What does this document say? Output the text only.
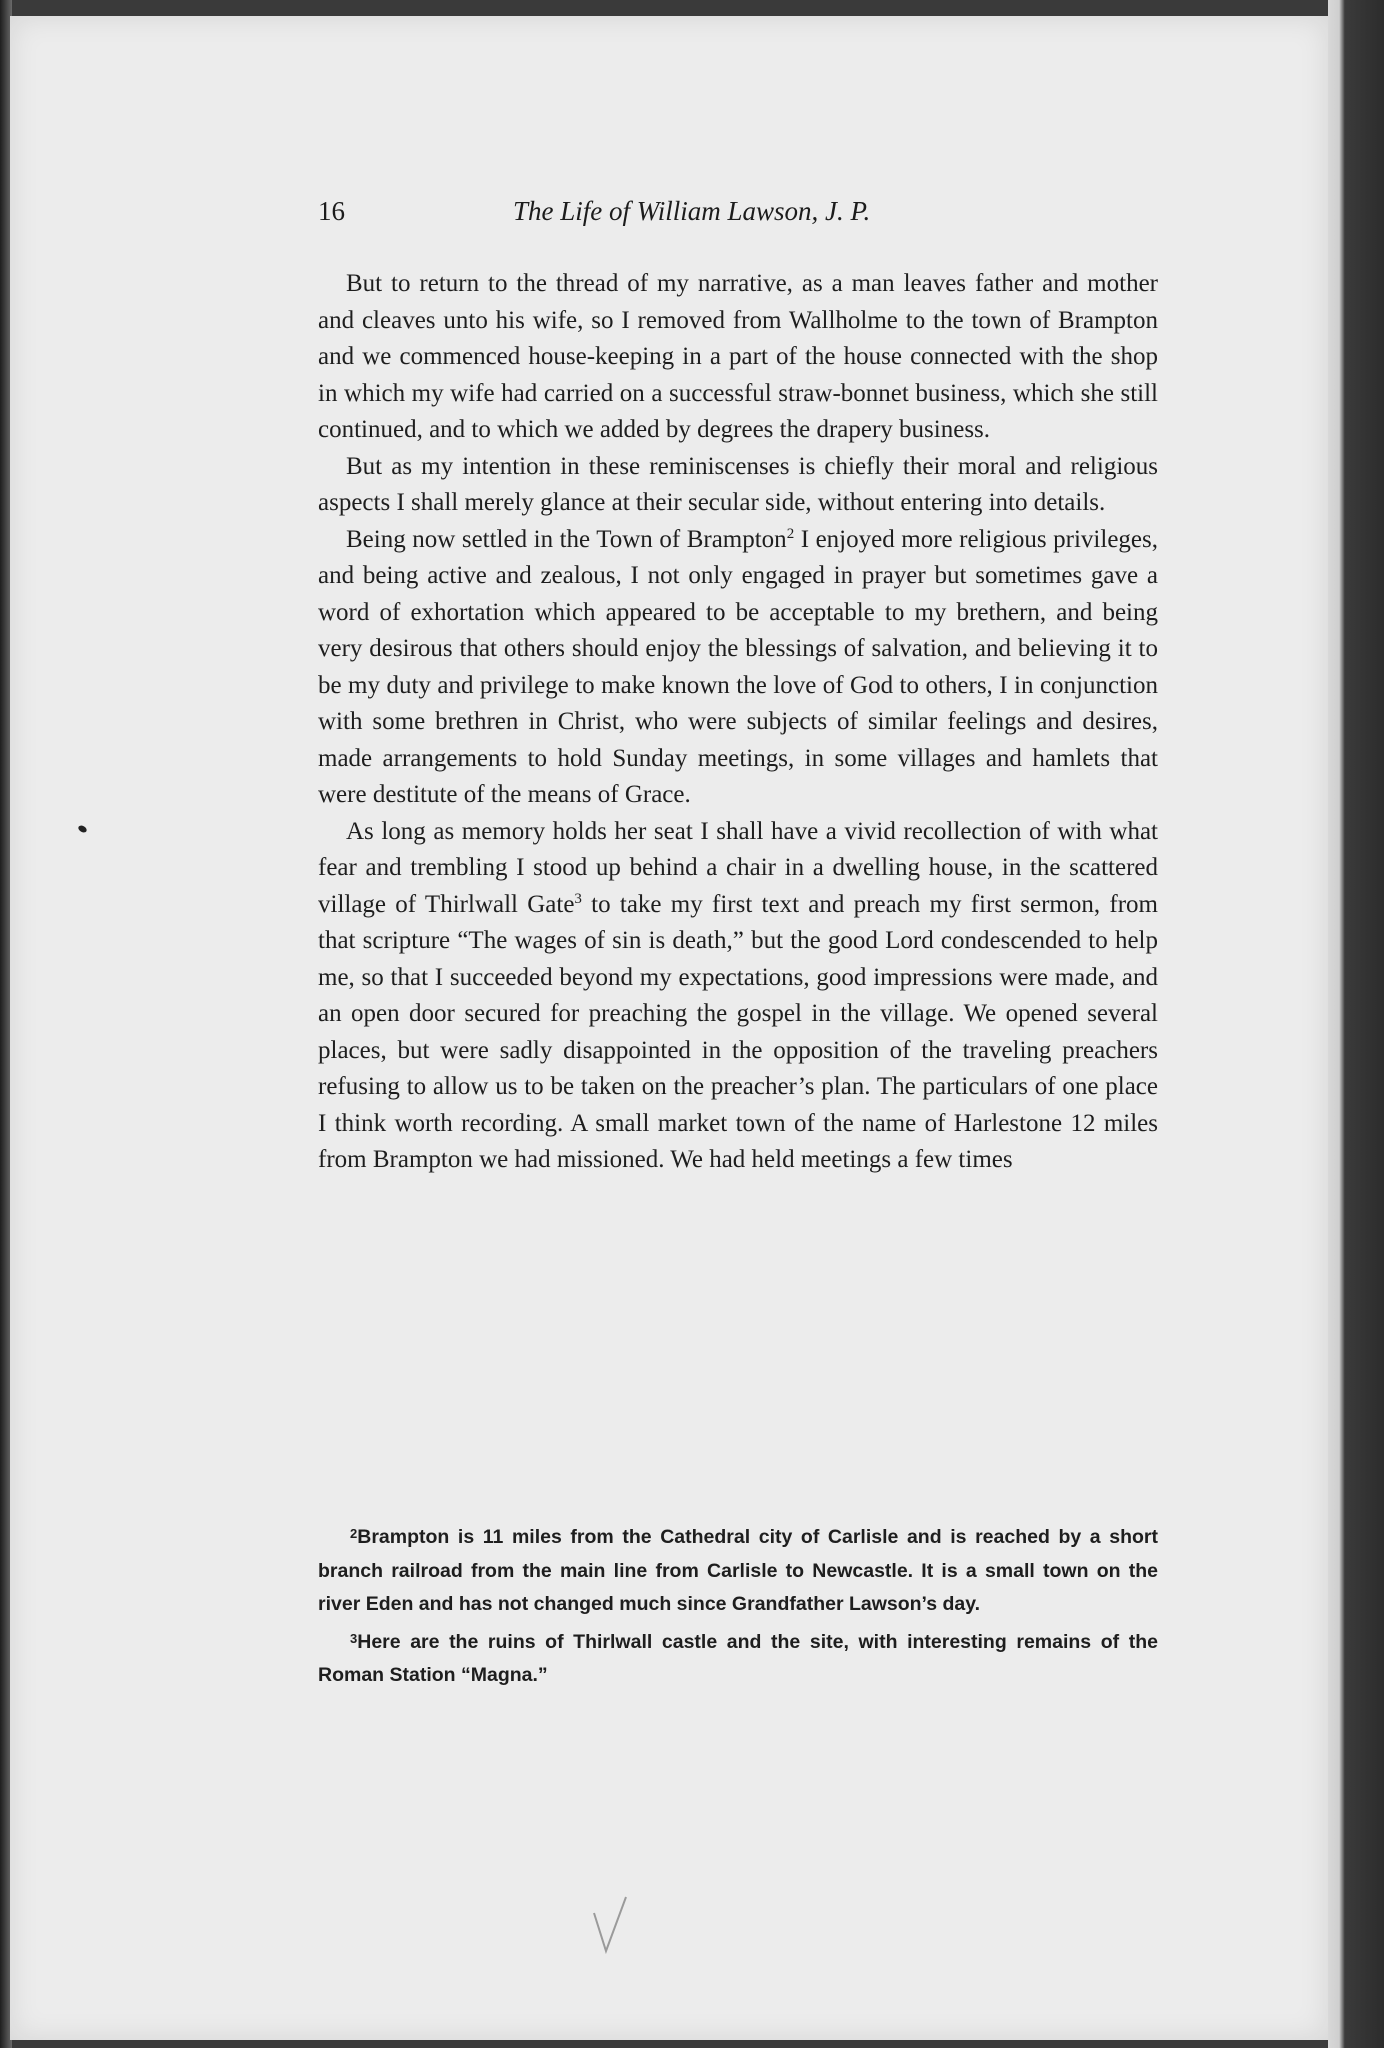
16	The Life of William Lawson, J. P.

But to return to the thread of my narrative, as a man leaves father and mother and cleaves unto his wife, so I removed from Wallholme to the town of Brampton and we commenced house-keeping in a part of the house connected with the shop in which my wife had carried on a successful straw-bonnet business, which she still continued, and to which we added by degrees the drapery business.

But as my intention in these reminiscenses is chiefly their moral and religious aspects I shall merely glance at their secular side, without entering into details.

Being now settled in the Town of Brampton$^2$ I enjoyed more religious privileges, and being active and zealous, I not only engaged in prayer but sometimes gave a word of exhortation which appeared to be acceptable to my brethern, and being very desirous that others should enjoy the blessings of salvation, and believing it to be my duty and privilege to make known the love of God to others, I in conjunction with some brethren in Christ, who were subjects of similar feelings and desires, made arrangements to hold Sunday meetings, in some villages and hamlets that were destitute of the means of Grace.

As long as memory holds her seat I shall have a vivid recollection of with what fear and trembling I stood up behind a chair in a dwelling house, in the scattered village of Thirlwall Gate$^3$ to take my first text and preach my first sermon, from that scripture “The wages of sin is death,” but the good Lord condescended to help me, so that I succeeded beyond my expectations, good impressions were made, and an open door secured for preaching the gospel in the village. We opened several places, but were sadly disappointed in the opposition of the traveling preachers refusing to allow us to be taken on the preacher’s plan. The particulars of one place I think worth recording. A small market town of the name of Harlestone 12 miles from Brampton we had missioned. We had held meetings a few times

$^2$Brampton is 11 miles from the Cathedral city of Carlisle and is reached by a short branch railroad from the main line from Carlisle to Newcastle. It is a small town on the river Eden and has not changed much since Grandfather Lawson’s day.

$^3$Here are the ruins of Thirlwall castle and the site, with interesting remains of the Roman Station “Magna.”
